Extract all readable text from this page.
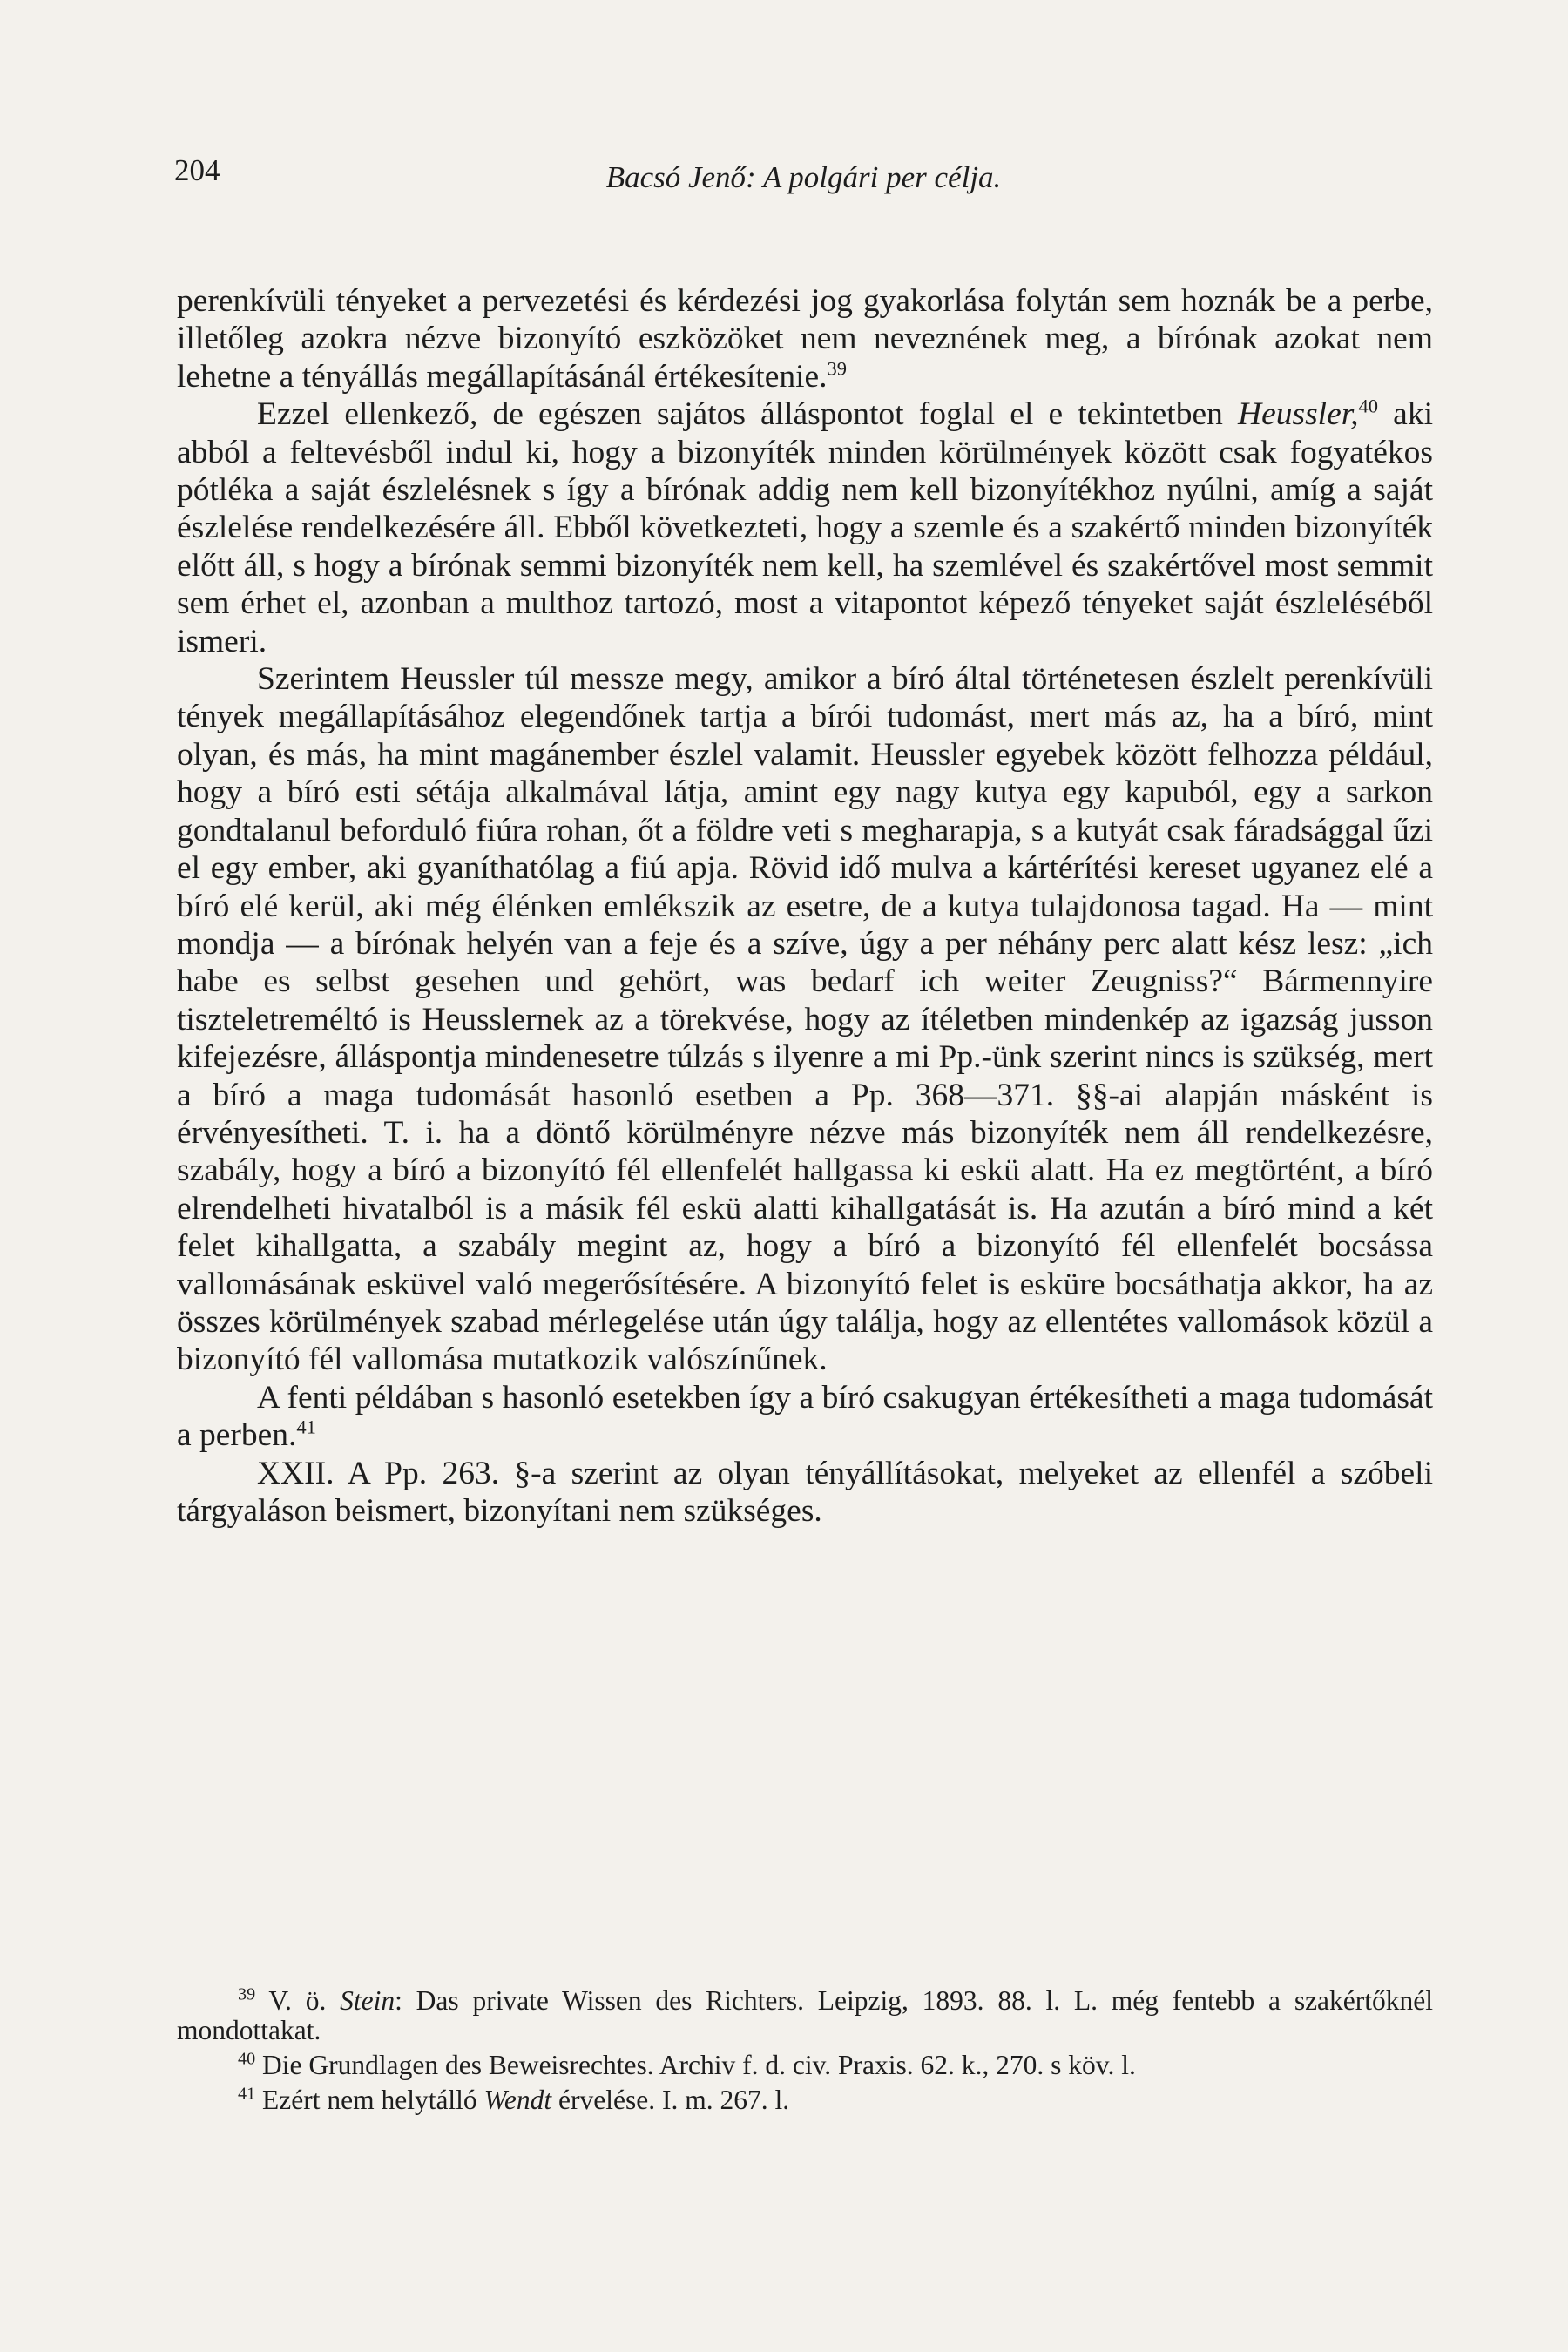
204	Bacsó Jenő: A polgári per célja.

perenkívüli tényeket a pervezetési és kérdezési jog gyakorlása folytán sem hoznák be a perbe, illetőleg azokra nézve bizonyító eszközöket nem neveznének meg, a bírónak azokat nem lehetne a tényállás megállapításánál értékesítenie.$^{39}$

Ezzel ellenkező, de egészen sajátos álláspontot foglal el e tekintetben Heussler,$^{40}$ aki abból a feltevésből indul ki, hogy a bizonyíték minden körülmények között csak fogyatékos pótléka a saját észlelésnek s így a bírónak addig nem kell bizonyítékhoz nyúlni, amíg a saját észlelése rendelkezésére áll. Ebből következteti, hogy a szemle és a szakértő minden bizonyíték előtt áll, s hogy a bírónak semmi bizonyíték nem kell, ha szemlével és szakértővel most semmit sem érhet el, azonban a multhoz tartozó, most a vitapontot képező tényeket saját észleléséből ismeri.

Szerintem Heussler túl messze megy, amikor a bíró által történetesen észlelt perenkívüli tények megállapításához elegendőnek tartja a bírói tudomást, mert más az, ha a bíró, mint olyan, és más, ha mint magánember észlel valamit. Heussler egyebek között felhozza például, hogy a bíró esti sétája alkalmával látja, amint egy nagy kutya egy kapuból, egy a sarkon gondtalanul beforduló fiúra rohan, őt a földre veti s megharapja, s a kutyát csak fáradsággal űzi el egy ember, aki gyaníthatólag a fiú apja. Rövid idő mulva a kártérítési kereset ugyanez elé a bíró elé kerül, aki még élénken emlékszik az esetre, de a kutya tulajdonosa tagad. Ha — mint mondja — a bírónak helyén van a feje és a szíve, úgy a per néhány perc alatt kész lesz: „ich habe es selbst gesehen und gehört, was bedarf ich weiter Zeugniss?“ Bármennyire tiszteletreméltó is Heusslernek az a törekvése, hogy az ítéletben mindenkép az igazság jusson kifejezésre, álláspontja mindenesetre túlzás s ilyenre a mi Pp.-ünk szerint nincs is szükség, mert a bíró a maga tudomását hasonló esetben a Pp. 368—371. §§-ai alapján másként is érvényesítheti. T. i. ha a döntő körülményre nézve más bizonyíték nem áll rendelkezésre, szabály, hogy a bíró a bizonyító fél ellenfelét hallgassa ki eskü alatt. Ha ez megtörtént, a bíró elrendelheti hivatalból is a másik fél eskü alatti kihallgatását is. Ha azután a bíró mind a két felet kihallgatta, a szabály megint az, hogy a bíró a bizonyító fél ellenfelét bocsássa vallomásának esküvel való megerősítésére. A bizonyító felet is esküre bocsáthatja akkor, ha az összes körülmények szabad mérlegelése után úgy találja, hogy az ellentétes vallomások közül a bizonyító fél vallomása mutatkozik valószínűnek.

A fenti példában s hasonló esetekben így a bíró csakugyan értékesítheti a maga tudomását a perben.$^{41}$

XXII. A Pp. 263. §-a szerint az olyan tényállításokat, melyeket az ellenfél a szóbeli tárgyaláson beismert, bizonyítani nem szükséges.

$^{39}$ V. ö. Stein: Das private Wissen des Richters. Leipzig, 1893. 88. l. L. még fentebb a szakértőknél mondottakat.

$^{40}$ Die Grundlagen des Beweisrechtes. Archiv f. d. civ. Praxis. 62. k., 270. s köv. l.

$^{41}$ Ezért nem helytálló Wendt érvelése. I. m. 267. l.
